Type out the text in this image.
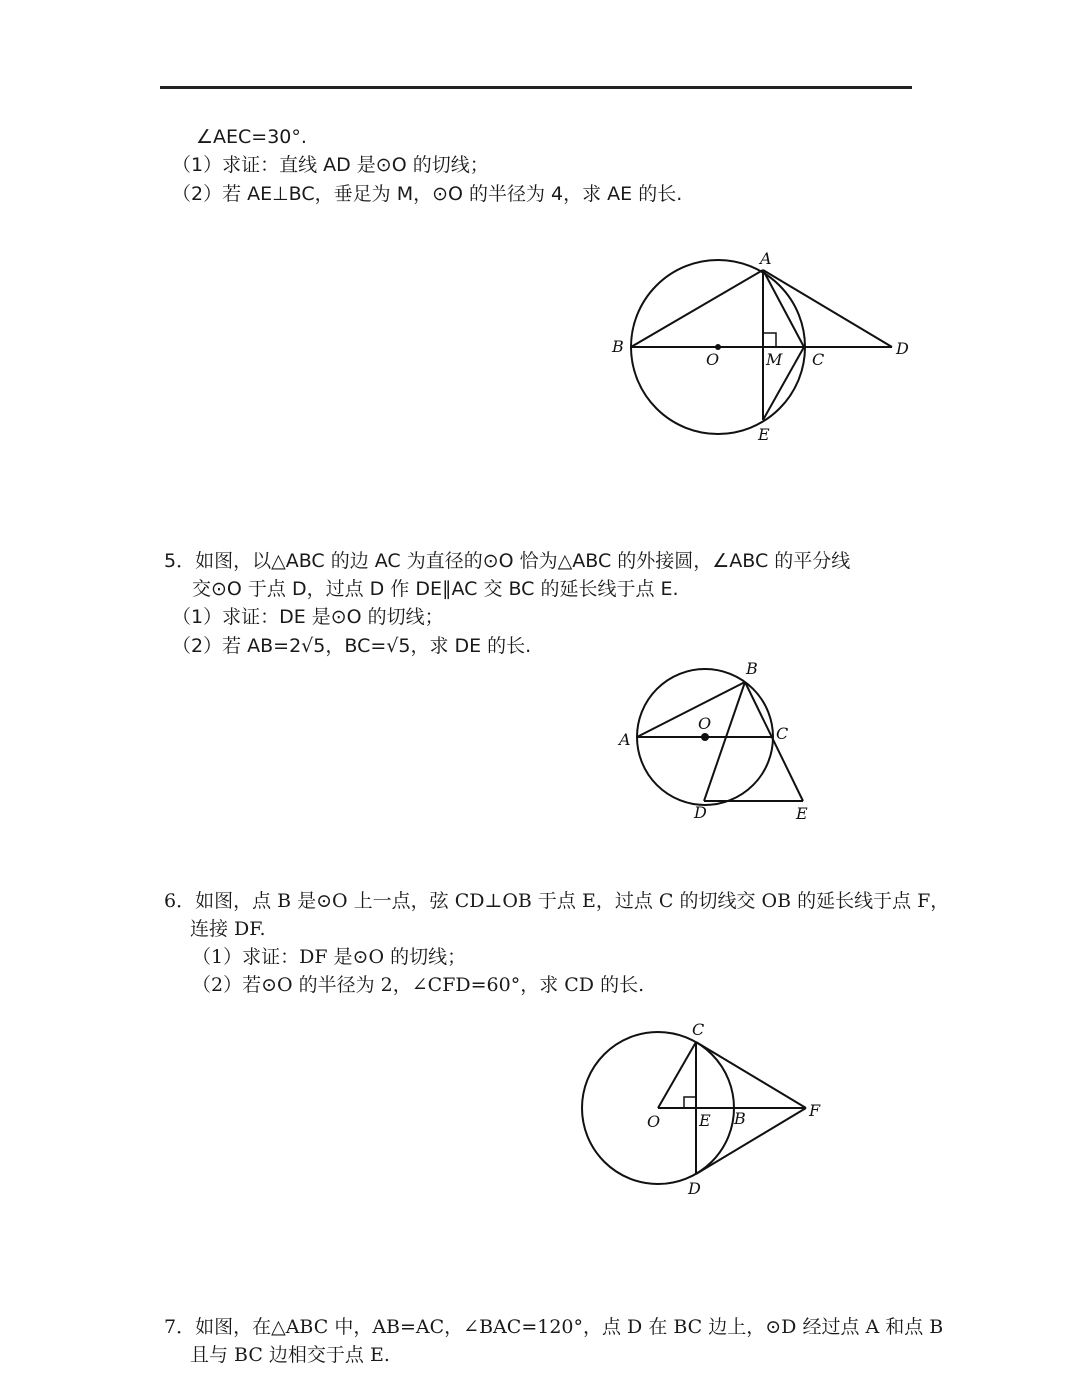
∠AEC=30°.
（1）求证：直线 AD 是⊙O 的切线；
（2）若 AE⊥BC，垂足为 M，⊙O 的半径为 4，求 AE 的长.
A
B
O	M C
D
E
5．如图，以△ABC 的边 AC 为直径的⊙O 恰为△ABC 的外接圆，∠ABC 的平分线
交⊙O 于点 D，过点 D 作 DE∥AC 交 BC 的延长线于点 E.
（1）求证：DE 是⊙O 的切线；
（2）若 AB=2√5，BC=√5，求 DE 的长.
B
O
A	C
D	E
6．如图，点 B 是⊙O 上一点，弦 CD⊥OB 于点 E，过点 C 的切线交 OB 的延长线于点 F，
连接 DF.
（1）求证：DF 是⊙O 的切线；
（2）若⊙O 的半径为 2，∠CFD=60°，求 CD 的长.
C
O E B	F
D
7．如图，在△ABC 中，AB=AC，∠BAC=120°，点 D 在 BC 边上，⊙D 经过点 A 和点 B
且与 BC 边相交于点 E.
